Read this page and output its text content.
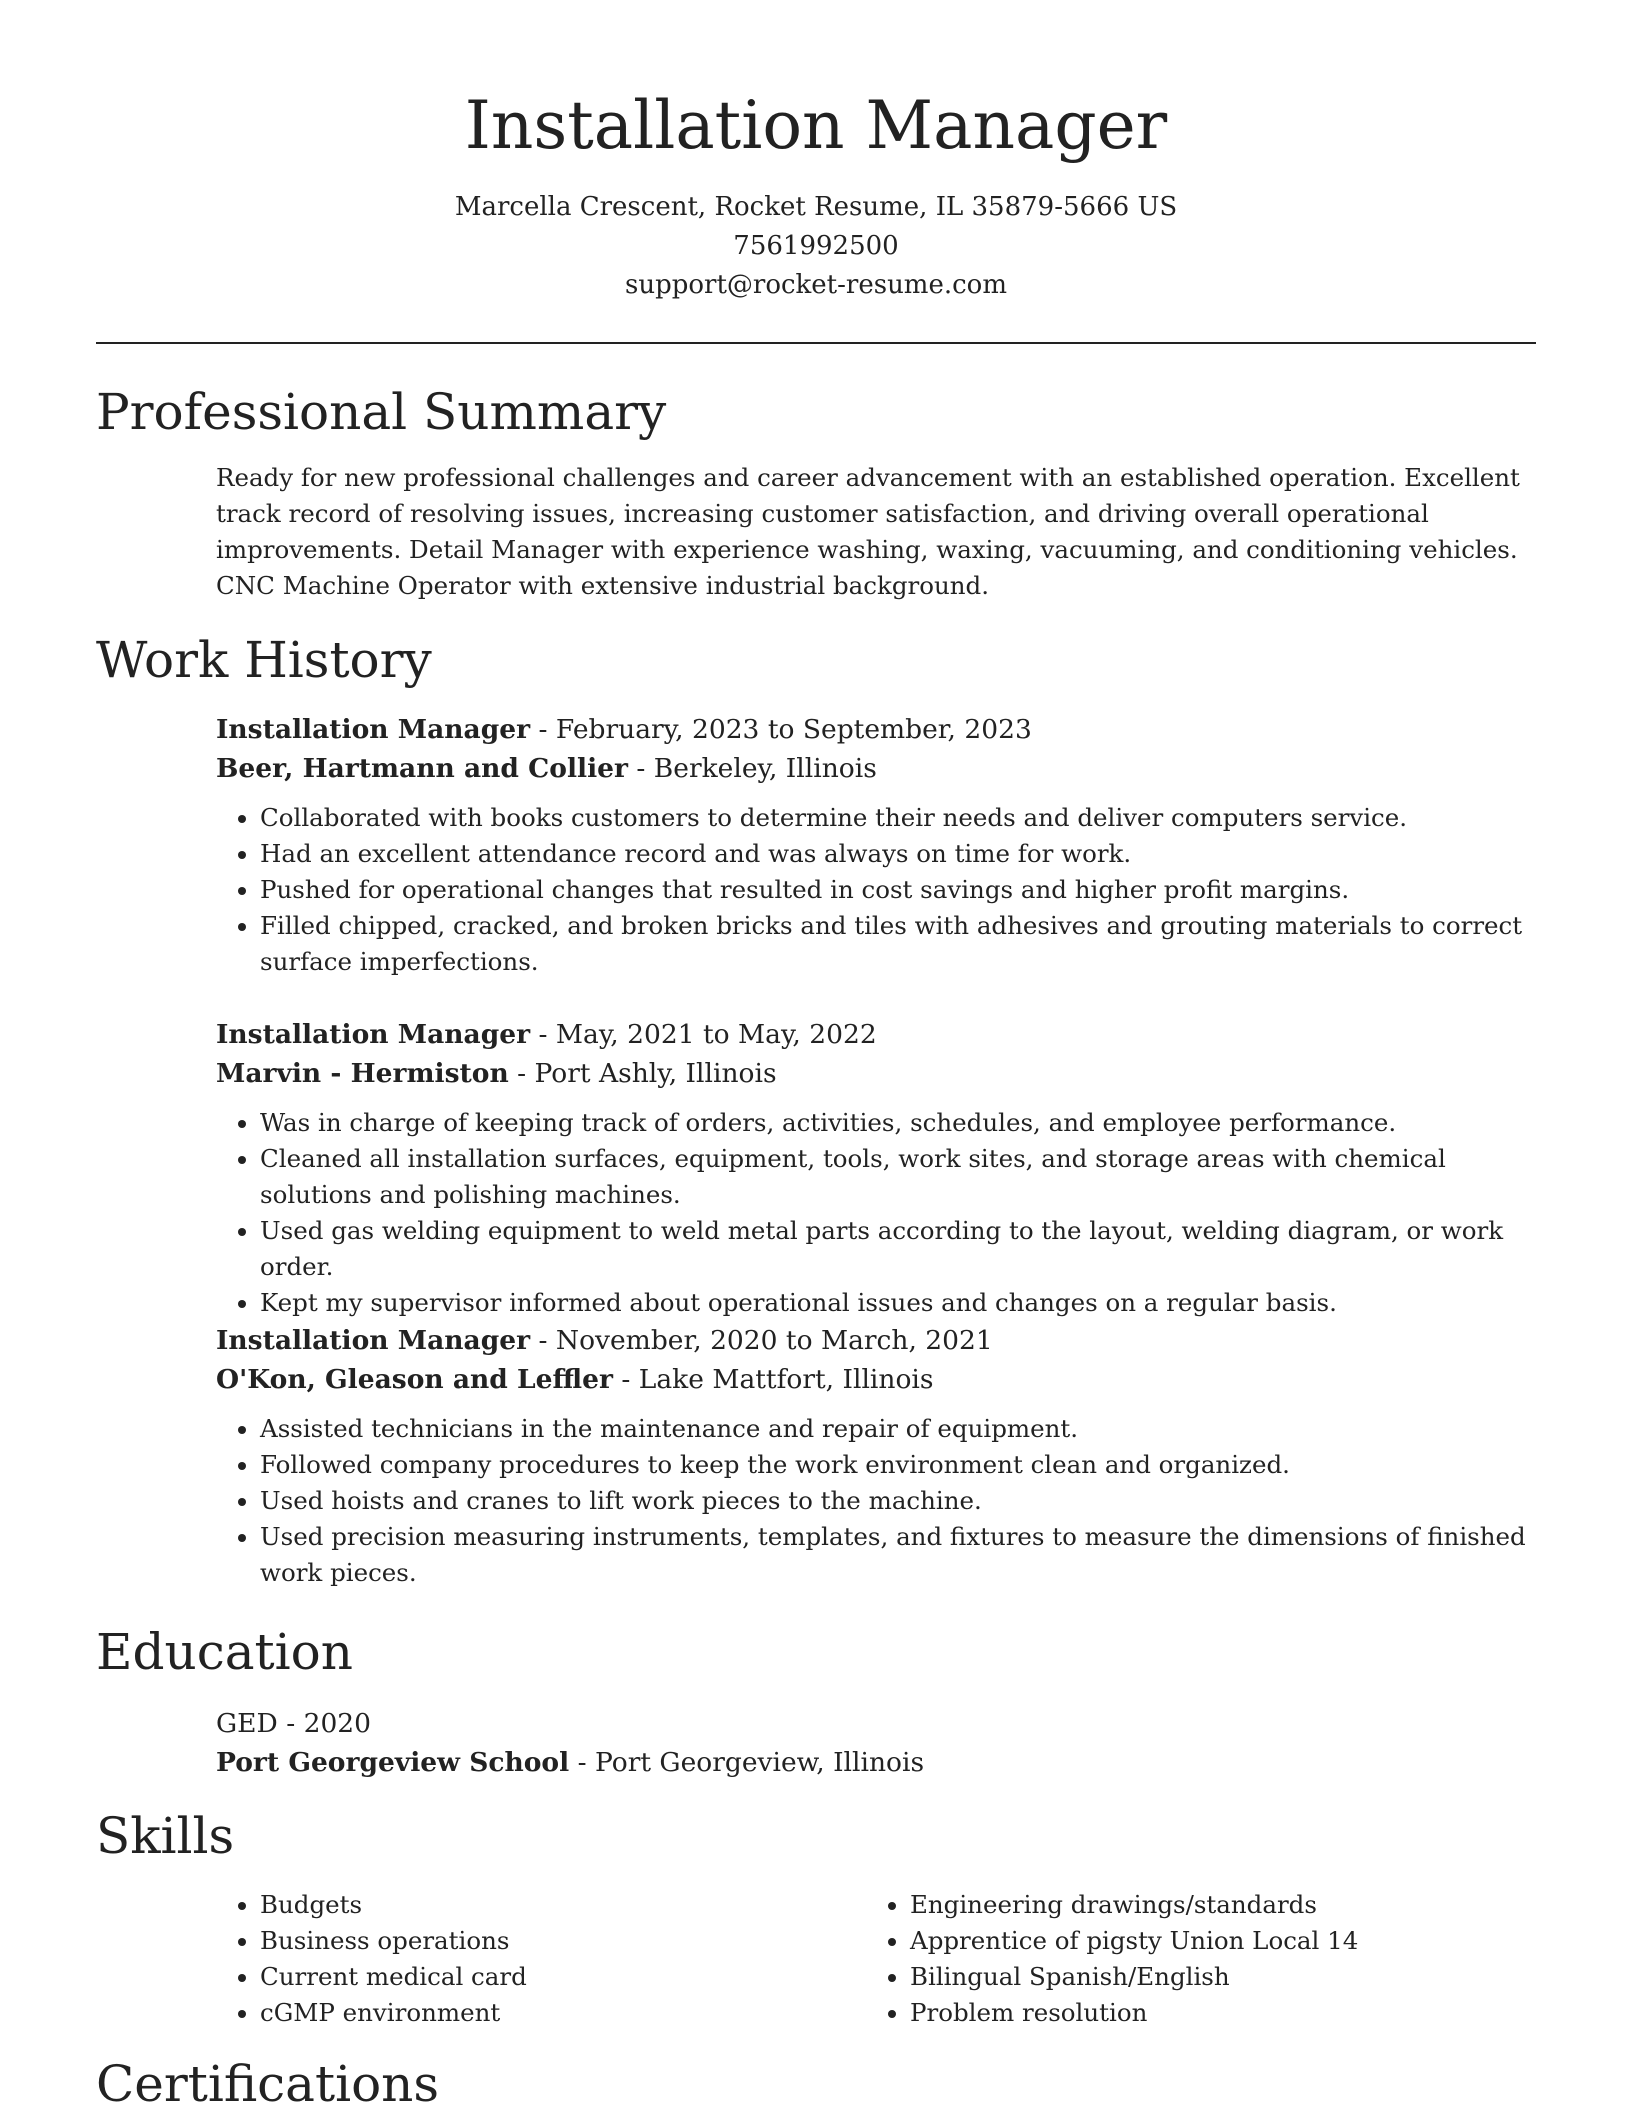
Installation Manager
Marcella Crescent, Rocket Resume, IL 35879-5666 US
7561992500
support@rocket-resume.com
Professional Summary

Ready for new professional challenges and career advancement with an established operation. Excellent track record of resolving issues, increasing customer satisfaction, and driving overall operational improvements. Detail Manager with experience washing, waxing, vacuuming, and conditioning vehicles. CNC Machine Operator with extensive industrial background.

Work History
Installation Manager - February, 2023 to September, 2023
Beer, Hartmann and Collier - Berkeley, Illinois
• Collaborated with books customers to determine their needs and deliver computers service.
• Had an excellent attendance record and was always on time for work.
• Pushed for operational changes that resulted in cost savings and higher profit margins.
• Filled chipped, cracked, and broken bricks and tiles with adhesives and grouting materials to correct surface imperfections.
Installation Manager - May, 2021 to May, 2022
Marvin - Hermiston - Port Ashly, Illinois
• Was in charge of keeping track of orders, activities, schedules, and employee performance.
• Cleaned all installation surfaces, equipment, tools, work sites, and storage areas with chemical solutions and polishing machines.
• Used gas welding equipment to weld metal parts according to the layout, welding diagram, or work order.
• Kept my supervisor informed about operational issues and changes on a regular basis.
Installation Manager - November, 2020 to March, 2021
O'Kon, Gleason and Leffler - Lake Mattfort, Illinois
• Assisted technicians in the maintenance and repair of equipment.
• Followed company procedures to keep the work environment clean and organized.
• Used hoists and cranes to lift work pieces to the machine.
• Used precision measuring instruments, templates, and fixtures to measure the dimensions of finished work pieces.
Education
GED - 2020
Port Georgeview School - Port Georgeview, Illinois
Skills
• Budgets
• Business operations
• Current medical card
• cGMP environment
• Engineering drawings/standards
• Apprentice of pigsty Union Local 14
• Bilingual Spanish/English
• Problem resolution
Certifications
